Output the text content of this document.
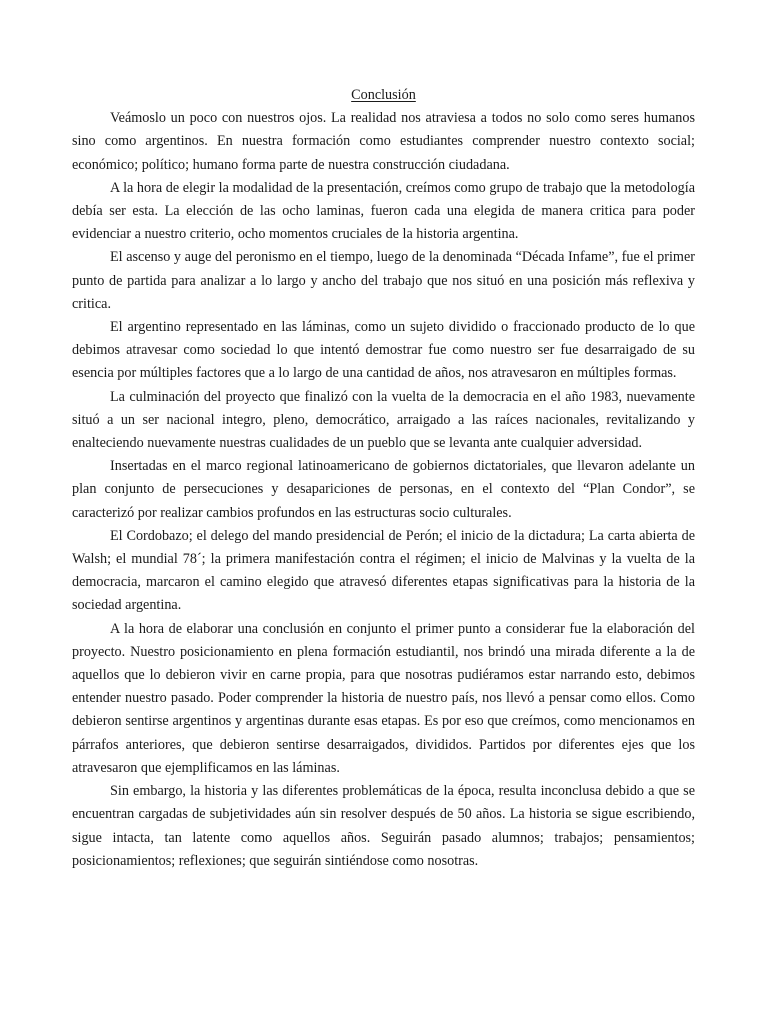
Conclusión

Veámoslo un poco con nuestros ojos. La realidad nos atraviesa a todos no solo como seres humanos sino como argentinos. En nuestra formación como estudiantes comprender nuestro contexto social; económico; político; humano forma parte de nuestra construcción ciudadana.

A la hora de elegir la modalidad de la presentación, creímos como grupo de trabajo que la metodología debía ser esta. La elección de las ocho laminas, fueron cada una elegida de manera critica para poder evidenciar a nuestro criterio, ocho momentos cruciales de la historia argentina.

El ascenso y auge del peronismo en el tiempo, luego de la denominada “Década Infame”, fue el primer punto de partida para analizar a lo largo y ancho del trabajo que nos situó en una posición más reflexiva y critica.

El argentino representado en las láminas, como un sujeto dividido o fraccionado producto de lo que debimos atravesar como sociedad lo que intentó demostrar fue como nuestro ser fue desarraigado de su esencia por múltiples factores que a lo largo de una cantidad de años, nos atravesaron en múltiples formas.

La culminación del proyecto que finalizó con la vuelta de la democracia en el año 1983, nuevamente situó a un ser nacional integro, pleno, democrático, arraigado a las raíces nacionales, revitalizando y enalteciendo nuevamente nuestras cualidades de un pueblo que se levanta ante cualquier adversidad.

Insertadas en el marco regional latinoamericano de gobiernos dictatoriales, que llevaron adelante un plan conjunto de persecuciones y desapariciones de personas, en el contexto del “Plan Condor”, se caracterizó por realizar cambios profundos en las estructuras socio culturales.

El Cordobazo; el delego del mando presidencial de Perón; el inicio de la dictadura; La carta abierta de Walsh; el mundial 78´; la primera manifestación contra el régimen; el inicio de Malvinas y la vuelta de la democracia, marcaron el camino elegido que atravesó diferentes etapas significativas para la historia de la sociedad argentina.

A la hora de elaborar una conclusión en conjunto el primer punto a considerar fue la elaboración del proyecto. Nuestro posicionamiento en plena formación estudiantil, nos brindó una mirada diferente a la de aquellos que lo debieron vivir en carne propia, para que nosotras pudiéramos estar narrando esto, debimos entender nuestro pasado. Poder comprender la historia de nuestro país, nos llevó a pensar como ellos. Como debieron sentirse argentinos y argentinas durante esas etapas. Es por eso que creímos, como mencionamos en párrafos anteriores, que debieron sentirse desarraigados, divididos. Partidos por diferentes ejes que los atravesaron que ejemplificamos en las láminas.

Sin embargo, la historia y las diferentes problemáticas de la época, resulta inconclusa debido a que se encuentran cargadas de subjetividades aún sin resolver después de 50 años. La historia se sigue escribiendo, sigue intacta, tan latente como aquellos años. Seguirán pasado alumnos; trabajos; pensamientos; posicionamientos; reflexiones; que seguirán sintiéndose como nosotras.
